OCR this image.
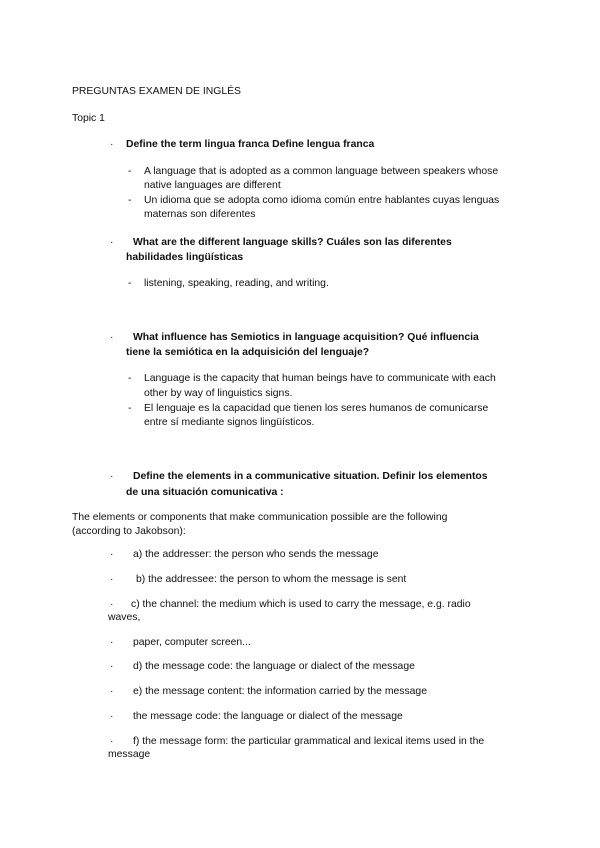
PREGUNTAS EXAMEN DE INGLÉS
Topic 1
· Define the term lingua franca Define lengua franca
- A language that is adopted as a common language between speakers whose
native languages are different
- Un idioma que se adopta como idioma común entre hablantes cuyas lenguas
maternas son diferentes
· What are the different language skills? Cuáles son las diferentes
habilidades lingüísticas
- listening, speaking, reading, and writing.
· What influence has Semiotics in language acquisition? Qué influencia
tiene la semiótica en la adquisición del lenguaje?
- Language is the capacity that human beings have to communicate with each
other by way of linguistics signs.
- El lenguaje es la capacidad que tienen los seres humanos de comunicarse
entre sí mediante signos lingüísticos.
· Define the elements in a communicative situation. Definir los elementos
de una situación comunicativa :
The elements or components that make communication possible are the following
(according to Jakobson):
· a) the addresser: the person who sends the message
· b) the addressee: the person to whom the message is sent
· c) the channel: the medium which is used to carry the message, e.g. radio
waves,
· paper, computer screen...
· d) the message code: the language or dialect of the message
· e) the message content: the information carried by the message
· the message code: the language or dialect of the message
· f) the message form: the particular grammatical and lexical items used in the
message
